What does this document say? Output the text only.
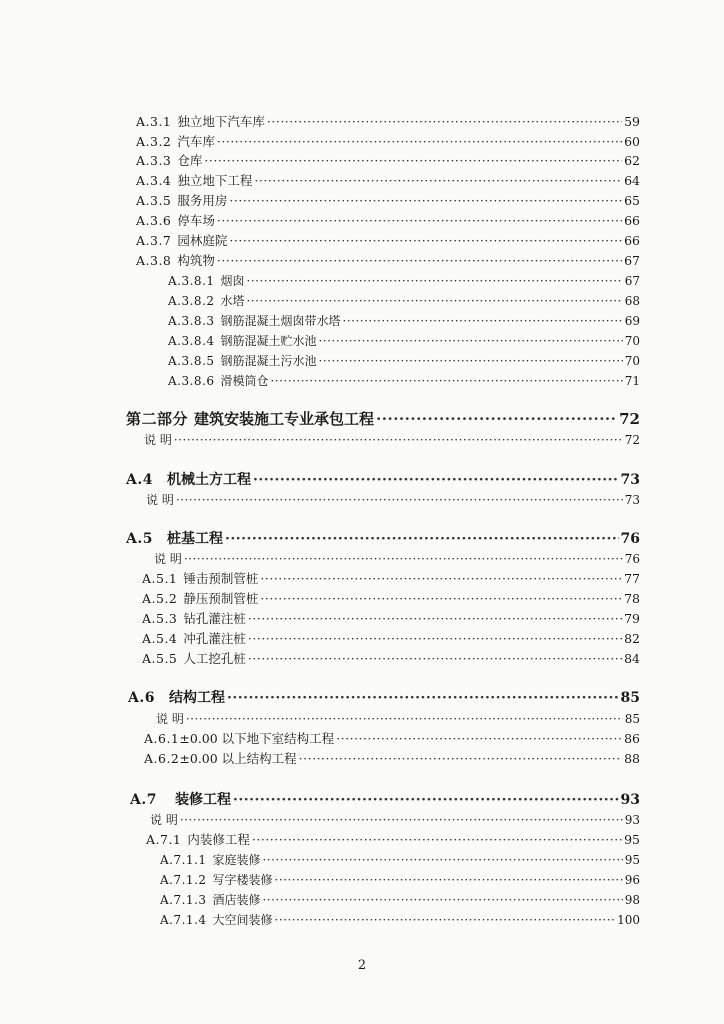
A.3.1 独立地下汽车库 ·····	59
A.3.2 汽车库 ·····	60
A.3.3 仓库 ·····	62
A.3.4 独立地下工程 ·····	64
A.3.5 服务用房 ·····	65
A.3.6 停车场 ·····	66
A.3.7 园林庭院 ·····	66
A.3.8 构筑物 ·····	67
A.3.8.1 烟囱 ·····	67
A.3.8.2 水塔 ·····	68
A.3.8.3 钢筋混凝土烟囱带水塔 ·····	69
A.3.8.4 钢筋混凝土贮水池 ·····	70
A.3.8.5 钢筋混凝土污水池 ·····	70
A.3.8.6 滑模筒仓 ·····	71
第二部分 建筑安装施工专业承包工程 ·····	72
说 明 ·····	72
A.4 机械土方工程 ·····	73
说 明 ·····	73
A.5 桩基工程 ·····	76
说 明 ·····	76
A.5.1 锤击预制管桩 ·····	77
A.5.2 静压预制管桩 ·····	78
A.5.3 钻孔灌注桩 ·····	79
A.5.4 冲孔灌注桩 ·····	82
A.5.5 人工挖孔桩 ·····	84
A.6 结构工程 ·····	85
说 明 ·····	85
A.6.1 ±0.00 以下地下室结构工程 ·····	86
A.6.2 ±0.00 以上结构工程 ·····	88
A.7 装修工程 ·····	93
说 明 ·····	93
A.7.1 内装修工程 ·····	95
A.7.1.1 家庭装修 ·····	95
A.7.1.2 写字楼装修 ·····	96
A.7.1.3 酒店装修 ·····	98
A.7.1.4 大空间装修 ·····	100
2
